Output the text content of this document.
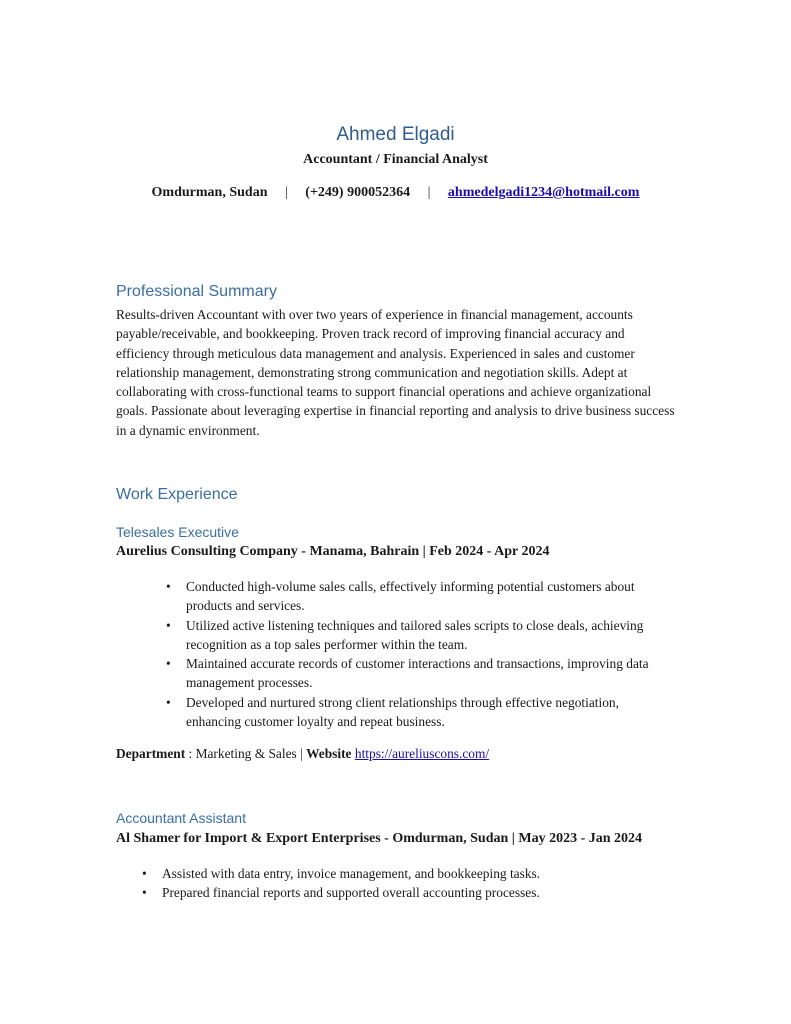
Ahmed Elgadi

Accountant / Financial Analyst

Omdurman, Sudan | (+249) 900052364 | ahmedelgadi1234@hotmail.com
Professional Summary

Results-driven Accountant with over two years of experience in financial management, accounts payable/receivable, and bookkeeping. Proven track record of improving financial accuracy and efficiency through meticulous data management and analysis. Experienced in sales and customer relationship management, demonstrating strong communication and negotiation skills. Adept at collaborating with cross-functional teams to support financial operations and achieve organizational goals. Passionate about leveraging expertise in financial reporting and analysis to drive business success in a dynamic environment.

Work Experience
Telesales Executive

Aurelius Consulting Company - Manama, Bahrain | Feb 2024 - Apr 2024

• Conducted high-volume sales calls, effectively informing potential customers about products and services.
• Utilized active listening techniques and tailored sales scripts to close deals, achieving recognition as a top sales performer within the team.
• Maintained accurate records of customer interactions and transactions, improving data management processes.
• Developed and nurtured strong client relationships through effective negotiation, enhancing customer loyalty and repeat business.

Department : Marketing & Sales | Website https://aureliuscons.com/

Accountant Assistant

Al Shamer for Import & Export Enterprises - Omdurman, Sudan | May 2023 - Jan 2024

• Assisted with data entry, invoice management, and bookkeeping tasks.
• Prepared financial reports and supported overall accounting processes.
